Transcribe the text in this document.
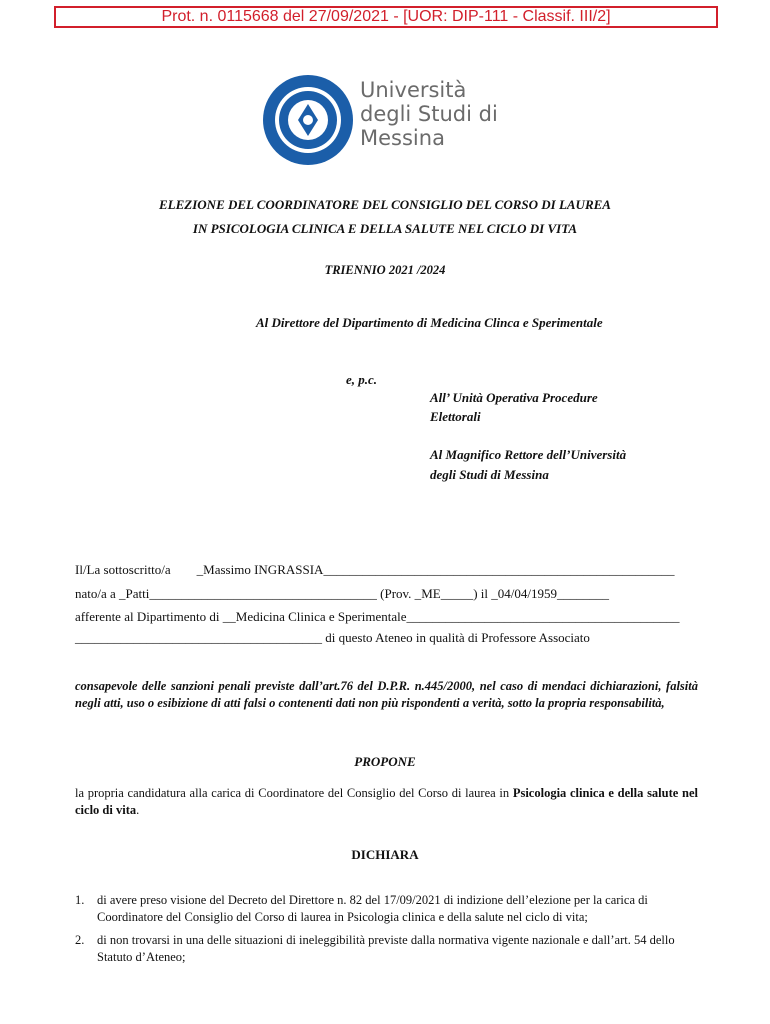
Prot. n. 0115668 del 27/09/2021 - [UOR: DIP-111 - Classif. III/2]
Università
degli Studi di
Messina
ELEZIONE DEL COORDINATORE DEL CONSIGLIO DEL CORSO DI LAUREA
IN PSICOLOGIA CLINICA E DELLA SALUTE NEL CICLO DI VITA
TRIENNIO 2021 /2024
Al Direttore del Dipartimento di Medicina Clinca e Sperimentale
e, p.c.
All’ Unità Operativa Procedure
Elettorali
Al Magnifico Rettore dell’Università
degli Studi di Messina
Il/La sottoscritto/a _Massimo INGRASSIA______________________________________________________
nato/a a _Patti___________________________________ (Prov. _ME_____) il _04/04/1959________
afferente al Dipartimento di __Medicina Clinica e Sperimentale__________________________________________
______________________________________ di questo Ateneo in qualità di Professore Associato
consapevole delle sanzioni penali previste dall’art.76 del D.P.R. n.445/2000, nel caso di mendaci dichiarazioni, falsità negli atti, uso o esibizione di atti falsi o contenenti dati non più rispondenti a verità, sotto la propria responsabilità,
PROPONE
la propria candidatura alla carica di Coordinatore del Consiglio del Corso di laurea in Psicologia clinica e della salute nel ciclo di vita.
DICHIARA
1. di avere preso visione del Decreto del Direttore n. 82 del 17/09/2021 di indizione dell’elezione per la carica di Coordinatore del Consiglio del Corso di laurea in Psicologia clinica e della salute nel ciclo di vita;
2. di non trovarsi in una delle situazioni di ineleggibilità previste dalla normativa vigente nazionale e dall’art. 54 dello Statuto d’Ateneo;
